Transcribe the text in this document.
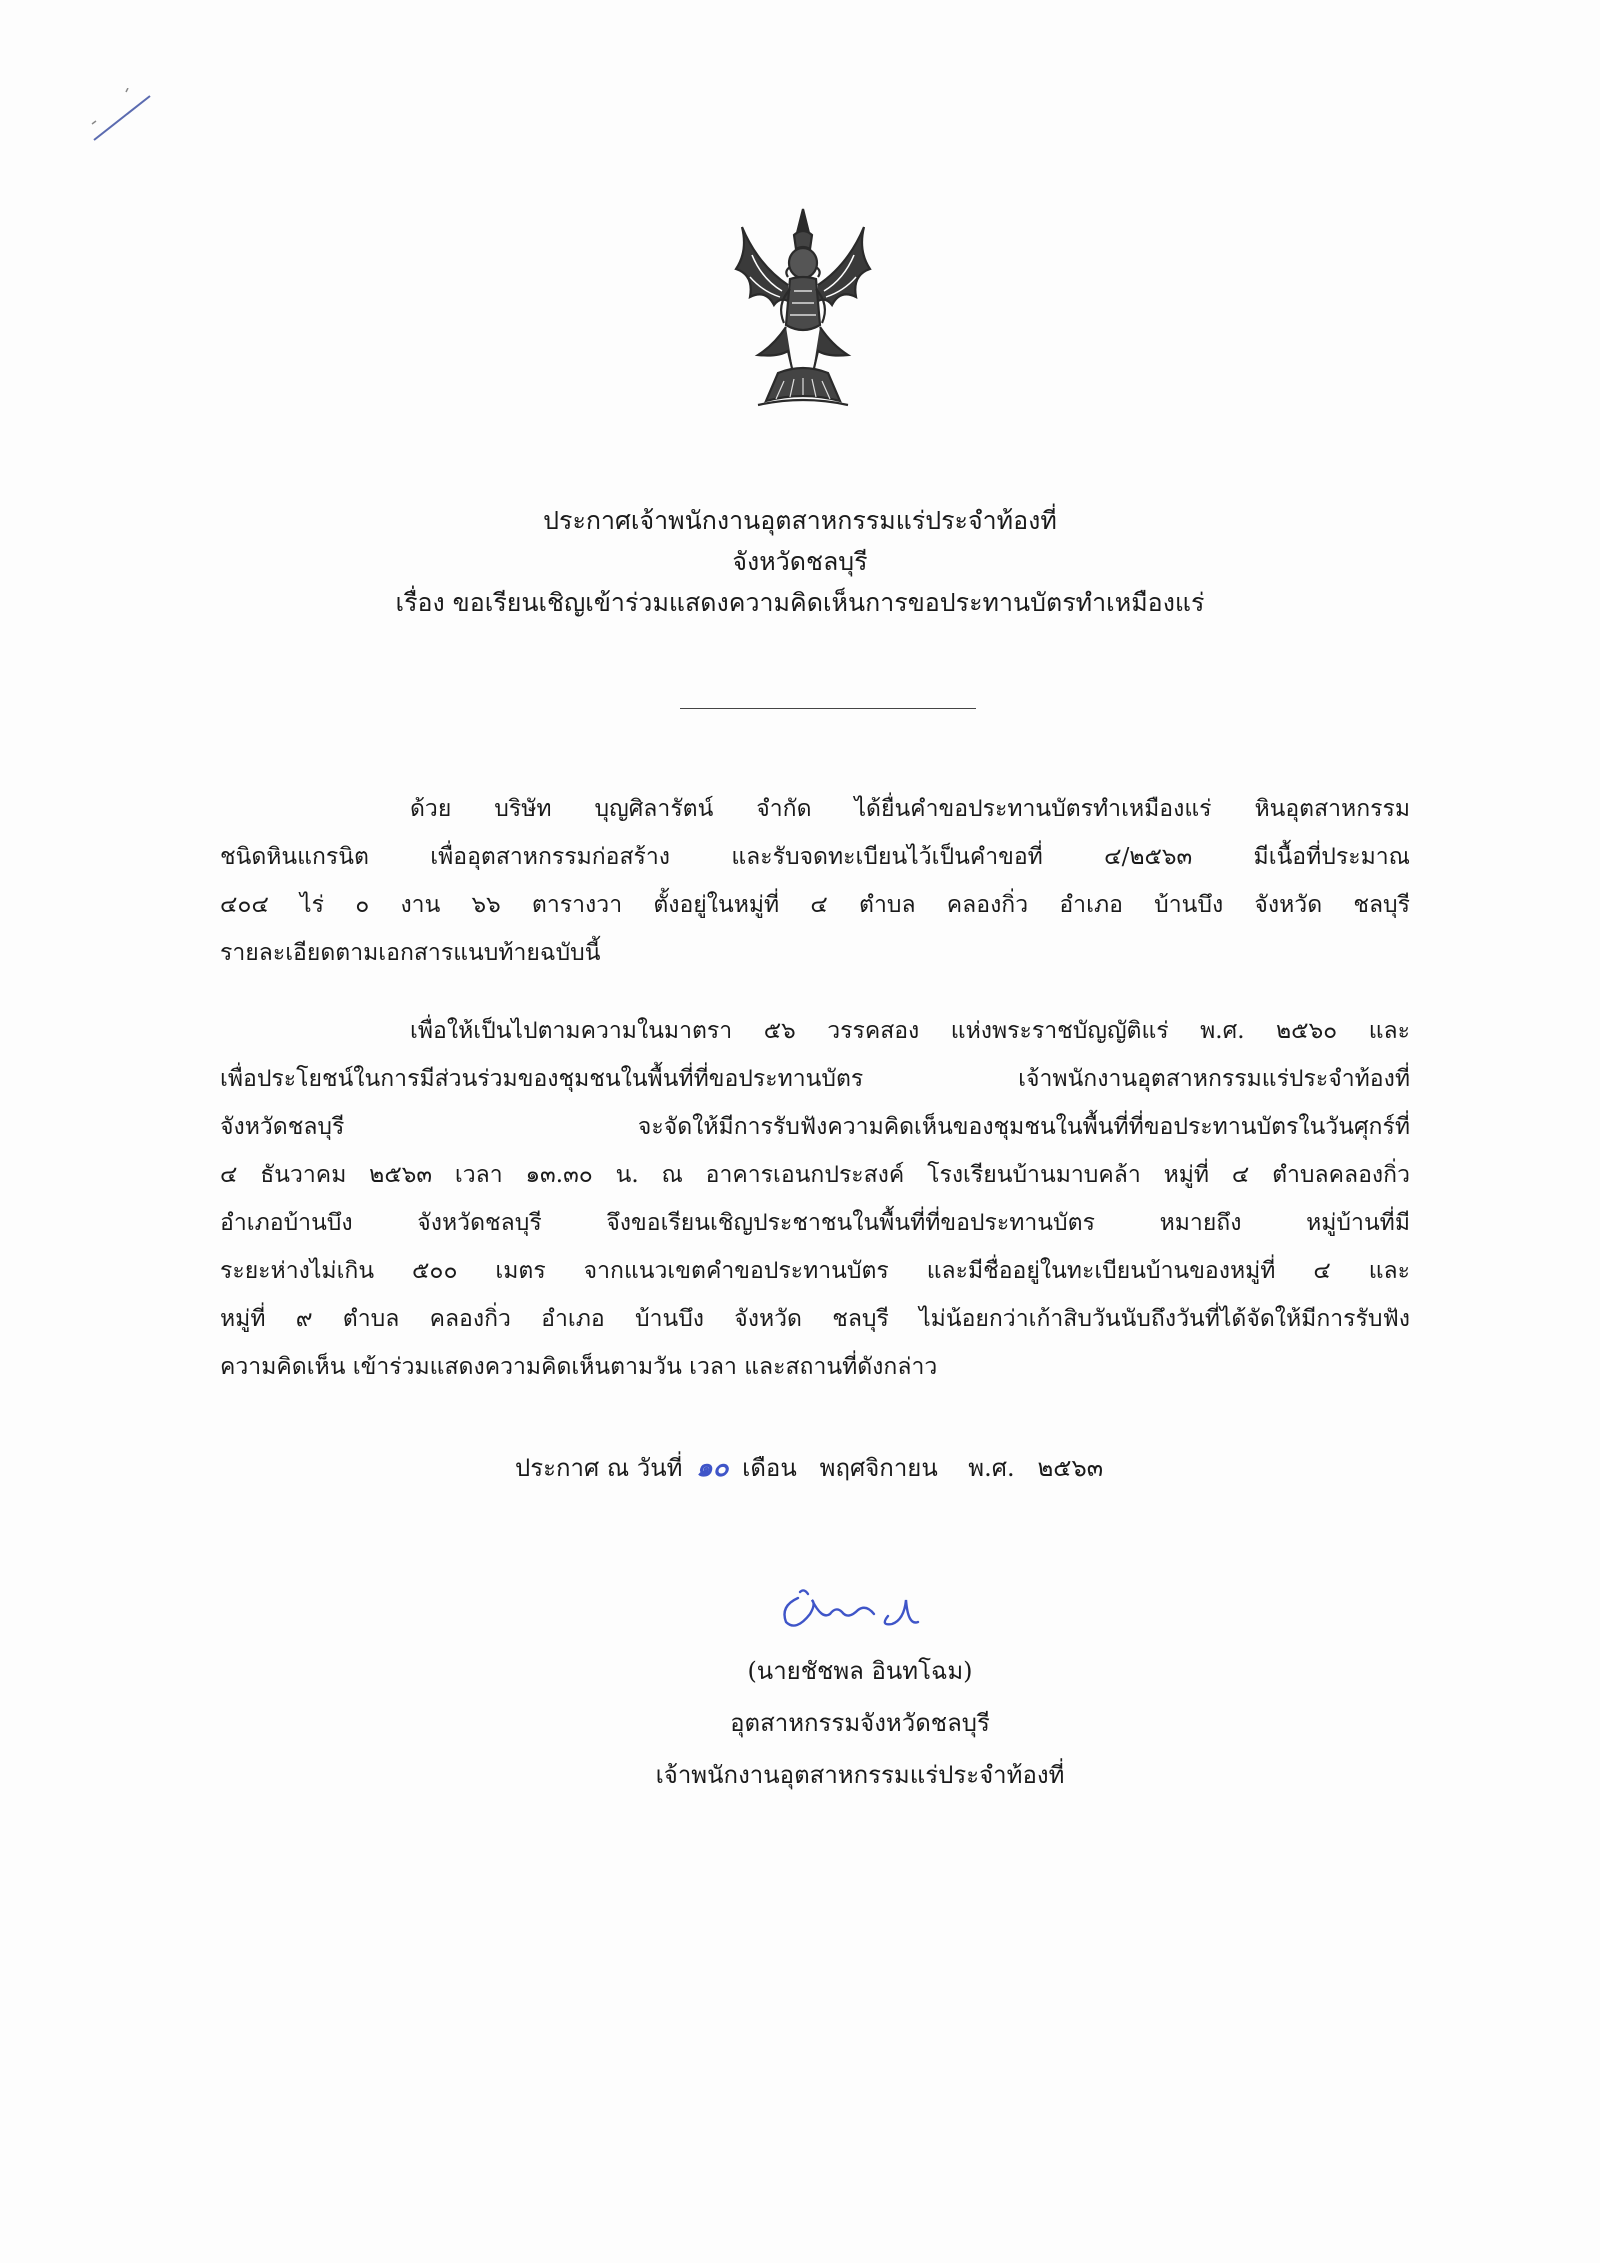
ประกาศเจ้าพนักงานอุตสาหกรรมแร่ประจำท้องที่
จังหวัดชลบุรี
เรื่อง ขอเรียนเชิญเข้าร่วมแสดงความคิดเห็นการขอประทานบัตรทำเหมืองแร่
ด้วย บริษัท บุญศิลารัตน์ จำกัด ได้ยื่นคำขอประทานบัตรทำเหมืองแร่ หินอุตสาหกรรม
ชนิดหินแกรนิต เพื่ออุตสาหกรรมก่อสร้าง และรับจดทะเบียนไว้เป็นคำขอที่ ๔/๒๕๖๓ มีเนื้อที่ประมาณ
๔๐๔ ไร่ ๐ งาน ๖๖ ตารางวา ตั้งอยู่ในหมู่ที่ ๔ ตำบล คลองกิ่ว อำเภอ บ้านบึง จังหวัด ชลบุรี
รายละเอียดตามเอกสารแนบท้ายฉบับนี้
เพื่อให้เป็นไปตามความในมาตรา ๕๖ วรรคสอง แห่งพระราชบัญญัติแร่ พ.ศ. ๒๕๖๐ และ
เพื่อประโยชน์ในการมีส่วนร่วมของชุมชนในพื้นที่ที่ขอประทานบัตร เจ้าพนักงานอุตสาหกรรมแร่ประจำท้องที่
จังหวัดชลบุรี จะจัดให้มีการรับฟังความคิดเห็นของชุมชนในพื้นที่ที่ขอประทานบัตรในวันศุกร์ที่
๔ ธันวาคม ๒๕๖๓ เวลา ๑๓.๓๐ น. ณ อาคารเอนกประสงค์ โรงเรียนบ้านมาบคล้า หมู่ที่ ๔ ตำบลคลองกิ่ว
อำเภอบ้านบึง จังหวัดชลบุรี จึงขอเรียนเชิญประชาชนในพื้นที่ที่ขอประทานบัตร หมายถึง หมู่บ้านที่มี
ระยะห่างไม่เกิน ๕๐๐ เมตร จากแนวเขตคำขอประทานบัตร และมีชื่ออยู่ในทะเบียนบ้านของหมู่ที่ ๔ และ
หมู่ที่ ๙ ตำบล คลองกิ่ว อำเภอ บ้านบึง จังหวัด ชลบุรี ไม่น้อยกว่าเก้าสิบวันนับถึงวันที่ได้จัดให้มีการรับฟัง
ความคิดเห็น เข้าร่วมแสดงความคิดเห็นตามวัน เวลา และสถานที่ดังกล่าว
ประกาศ ณ วันที่ ๑๐ เดือน พฤศจิกายน พ.ศ. ๒๕๖๓
(นายชัชพล อินทโฉม)
อุตสาหกรรมจังหวัดชลบุรี
เจ้าพนักงานอุตสาหกรรมแร่ประจำท้องที่
